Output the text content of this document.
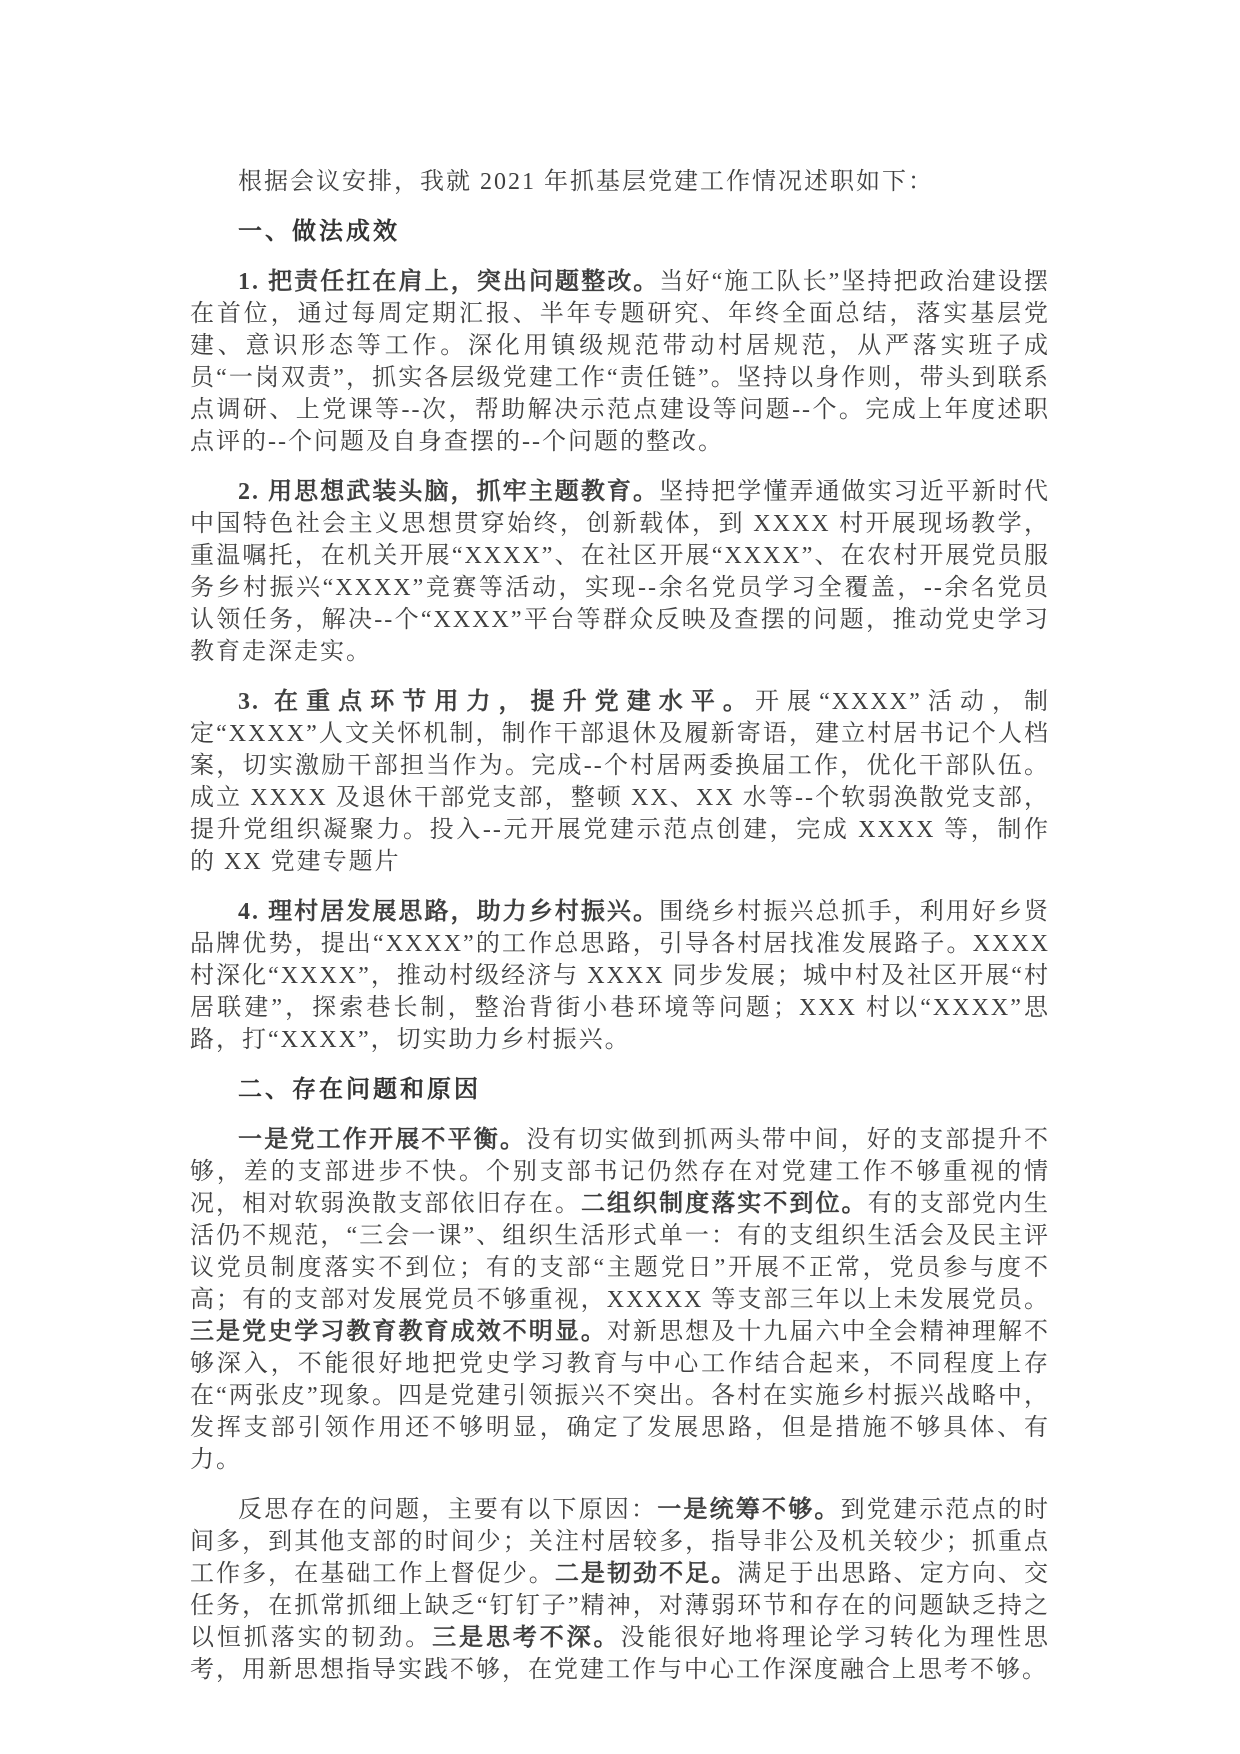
根据会议安排，我就 2021 年抓基层党建工作情况述职如下：

一、做法成效

1. 把责任扛在肩上，突出问题整改。当好“施工队长”坚持把政治建设摆在首位，通过每周定期汇报、半年专题研究、年终全面总结，落实基层党建、意识形态等工作。深化用镇级规范带动村居规范，从严落实班子成员“一岗双责”，抓实各层级党建工作“责任链”。坚持以身作则，带头到联系点调研、上党课等--次，帮助解决示范点建设等问题--个。完成上年度述职点评的--个问题及自身查摆的--个问题的整改。

2. 用思想武装头脑，抓牢主题教育。坚持把学懂弄通做实习近平新时代中国特色社会主义思想贯穿始终，创新载体，到 XXXX 村开展现场教学，重温嘱托，在机关开展“XXXX”、在社区开展“XXXX”、在农村开展党员服务乡村振兴“XXXX”竞赛等活动，实现--余名党员学习全覆盖，--余名党员认领任务，解决--个“XXXX”平台等群众反映及查摆的问题，推动党史学习教育走深走实。

3. 在重点环节用力，提升党建水平。开展“XXXX”活动，制定“XXXX”人文关怀机制，制作干部退休及履新寄语，建立村居书记个人档案，切实激励干部担当作为。完成--个村居两委换届工作，优化干部队伍。成立 XXXX 及退休干部党支部，整顿 XX、XX 水等--个软弱涣散党支部，提升党组织凝聚力。投入--元开展党建示范点创建，完成 XXXX 等，制作的 XX 党建专题片

4. 理村居发展思路，助力乡村振兴。围绕乡村振兴总抓手，利用好乡贤品牌优势，提出“XXXX”的工作总思路，引导各村居找准发展路子。XXXX 村深化“XXXX”，推动村级经济与 XXXX 同步发展；城中村及社区开展“村居联建”，探索巷长制，整治背街小巷环境等问题；XXX 村以“XXXX”思路，打“XXXX”，切实助力乡村振兴。

二、存在问题和原因

一是党工作开展不平衡。没有切实做到抓两头带中间，好的支部提升不够，差的支部进步不快。个别支部书记仍然存在对党建工作不够重视的情况，相对软弱涣散支部依旧存在。二组织制度落实不到位。有的支部党内生活仍不规范，“三会一课”、组织生活形式单一：有的支组织生活会及民主评议党员制度落实不到位；有的支部“主题党日”开展不正常，党员参与度不高；有的支部对发展党员不够重视，XXXXX 等支部三年以上未发展党员。三是党史学习教育教育成效不明显。对新思想及十九届六中全会精神理解不够深入，不能很好地把党史学习教育与中心工作结合起来，不同程度上存在“两张皮”现象。四是党建引领振兴不突出。各村在实施乡村振兴战略中，发挥支部引领作用还不够明显，确定了发展思路，但是措施不够具体、有力。

反思存在的问题，主要有以下原因：一是统筹不够。到党建示范点的时间多，到其他支部的时间少；关注村居较多，指导非公及机关较少；抓重点工作多，在基础工作上督促少。二是韧劲不足。满足于出思路、定方向、交任务，在抓常抓细上缺乏“钉钉子”精神，对薄弱环节和存在的问题缺乏持之以恒抓落实的韧劲。三是思考不深。没能很好地将理论学习转化为理性思考，用新思想指导实践不够，在党建工作与中心工作深度融合上思考不够。
